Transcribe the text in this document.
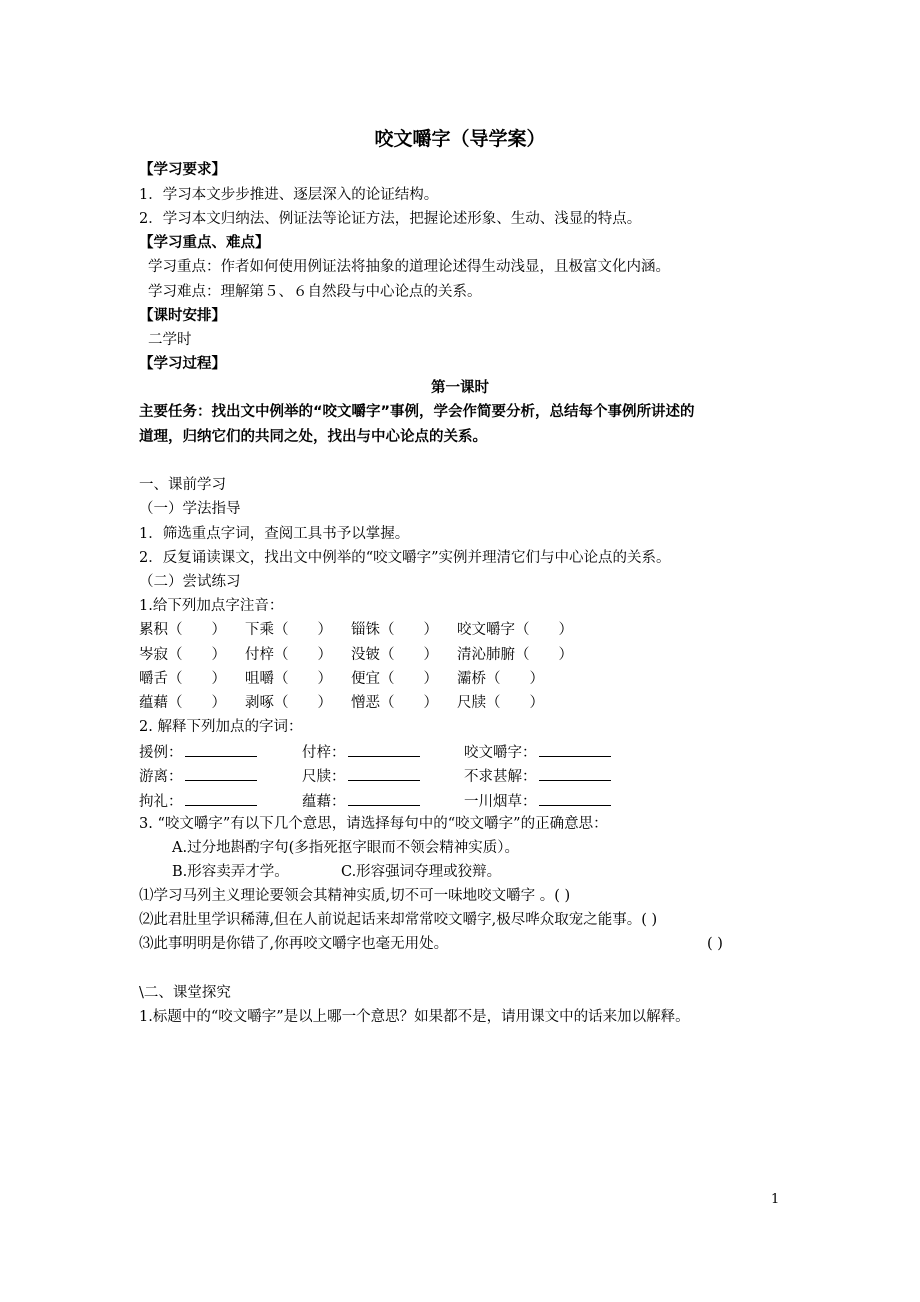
咬文嚼字（导学案）
【学习要求】
1．学习本文步步推进、逐层深入的论证结构。
2．学习本文归纳法、例证法等论证方法，把握论述形象、生动、浅显的特点。
【学习重点、难点】
学习重点：作者如何使用例证法将抽象的道理论述得生动浅显，且极富文化内涵。
学习难点：理解第５、６自然段与中心论点的关系。
【课时安排】
二学时
【学习过程】
第一课时
主要任务：找出文中例举的“咬文嚼字”事例，学会作简要分析，总结每个事例所讲述的
道理，归纳它们的共同之处，找出与中心论点的关系。
一、课前学习
（一）学法指导
1．筛选重点字词，查阅工具书予以掌握。
2．反复诵读课文，找出文中例举的“咬文嚼字”实例并理清它们与中心论点的关系。
（二）尝试练习
1.给下列加点字注音：
累积（　　） 下乘（　　） 锱铢（　　） 咬文嚼字（　　）
岑寂（　　） 付梓（　　） 没铍（　　） 清沁肺腑（　　）
嚼舌（　　） 咀嚼（　　） 便宜（　　） 灞桥（　　）
蕴藉（　　） 剥啄（　　） 憎恶（　　） 尺牍（　　）
2. 解释下列加点的字词：
援例：	付梓：	咬文嚼字：
游离：	尺牍：	不求甚解：
拘礼：	蕴藉：	一川烟草：
3. “咬文嚼字”有以下几个意思，请选择每句中的“咬文嚼字”的正确意思：
A.过分地斟酌字句(多指死抠字眼而不领会精神实质）。
B.形容卖弄才学。	C.形容强词夺理或狡辩。
⑴学习马列主义理论要领会其精神实质,切不可一味地咬文嚼字 。( )
⑵此君肚里学识稀薄,但在人前说起话来却常常咬文嚼字,极尽哗众取宠之能事。( )
⑶此事明明是你错了,你再咬文嚼字也毫无用处。	( )
\二、课堂探究
1.标题中的“咬文嚼字”是以上哪一个意思？如果都不是，请用课文中的话来加以解释。
1
